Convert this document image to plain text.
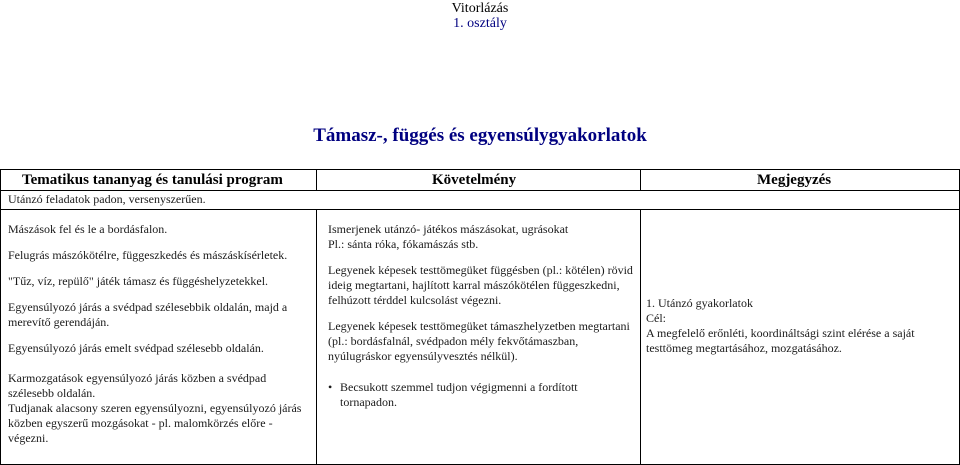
Vitorlázás
1. osztály
Támasz-, függés és egyensúlygyakorlatok
Tematikus tananyag és tanulási program	Követelmény	Megjegyzés
Utánzó feladatok padon, versenyszerűen.

Mászások fel és le a bordásfalon.

Felugrás mászókötélre, függeszkedés és mászáskísérletek.

"Tűz, víz, repülő" játék támasz és függéshelyzetekkel.

Egyensúlyozó járás a svédpad szélesebbik oldalán, majd a merevítő gerendáján.

Egyensúlyozó járás emelt svédpad szélesebb oldalán.

Karmozgatások egyensúlyozó járás közben a svédpad szélesebb oldalán.

Tudjanak alacsony szeren egyensúlyozni, egyensúlyozó járás közben egyszerű mozgásokat - pl. malomkörzés előre - végezni.

Ismerjenek utánzó- játékos mászásokat, ugrásokat

Pl.: sánta róka, fókamászás stb.

Legyenek képesek testtömegüket függésben (pl.: kötélen) rövid ideig megtartani, hajlított karral mászókötélen függeszkedni, felhúzott térddel kulcsolást végezni.

Legyenek képesek testtömegüket támaszhelyzetben megtartani (pl.: bordásfalnál, svédpadon mély fekvőtámaszban, nyúlugráskor egyensúlyvesztés nélkül).

• Becsukott szemmel tudjon végigmenni a fordított tornapadon.

1. Utánzó gyakorlatok

Cél:

A megfelelő erőnléti, koordináltsági szint elérése a saját testtömeg megtartásához, mozgatásához.
